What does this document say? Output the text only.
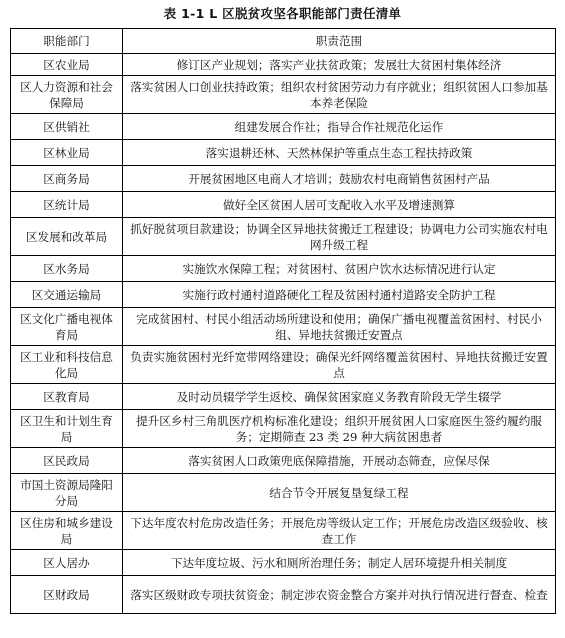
表 1-1 L 区脱贫攻坚各职能部门责任清单
职能部门	职责范围
区农业局	修订区产业规划；落实产业扶贫政策；发展壮大贫困村集体经济
区人力资源和社会保障局	落实贫困人口创业扶持政策；组织农村贫困劳动力有序就业；组织贫困人口参加基本养老保险
区供销社	组建发展合作社；指导合作社规范化运作
区林业局	落实退耕还林、天然林保护等重点生态工程扶持政策
区商务局	开展贫困地区电商人才培训；鼓励农村电商销售贫困村产品
区统计局	做好全区贫困人居可支配收入水平及增速测算
区发展和改革局	抓好脱贫项目款建设；协调全区异地扶贫搬迁工程建设；协调电力公司实施农村电网升级工程
区水务局	实施饮水保障工程；对贫困村、贫困户饮水达标情况进行认定
区交通运输局	实施行政村通村道路硬化工程及贫困村通村道路安全防护工程
区文化广播电视体育局	完成贫困村、村民小组活动场所建设和使用；确保广播电视覆盖贫困村、村民小组、异地扶贫搬迁安置点
区工业和科技信息化局	负责实施贫困村光纤宽带网络建设；确保光纤网络覆盖贫困村、异地扶贫搬迁安置点
区教育局	及时动员辍学学生返校、确保贫困家庭义务教育阶段无学生辍学
区卫生和计划生育局	提升区乡村三角肌医疗机构标准化建设；组织开展贫困人口家庭医生签约履约服务；定期筛查 23 类 29 种大病贫困患者
区民政局	落实贫困人口政策兜底保障措施，开展动态筛查，应保尽保
市国土资源局隆阳分局	结合节令开展复垦复绿工程
区住房和城乡建设局	下达年度农村危房改造任务；开展危房等级认定工作；开展危房改造区级验收、核查工作
区人居办	下达年度垃圾、污水和厕所治理任务；制定人居环境提升相关制度
区财政局	落实区级财政专项扶贫资金；制定涉农资金整合方案并对执行情况进行督查、检查
